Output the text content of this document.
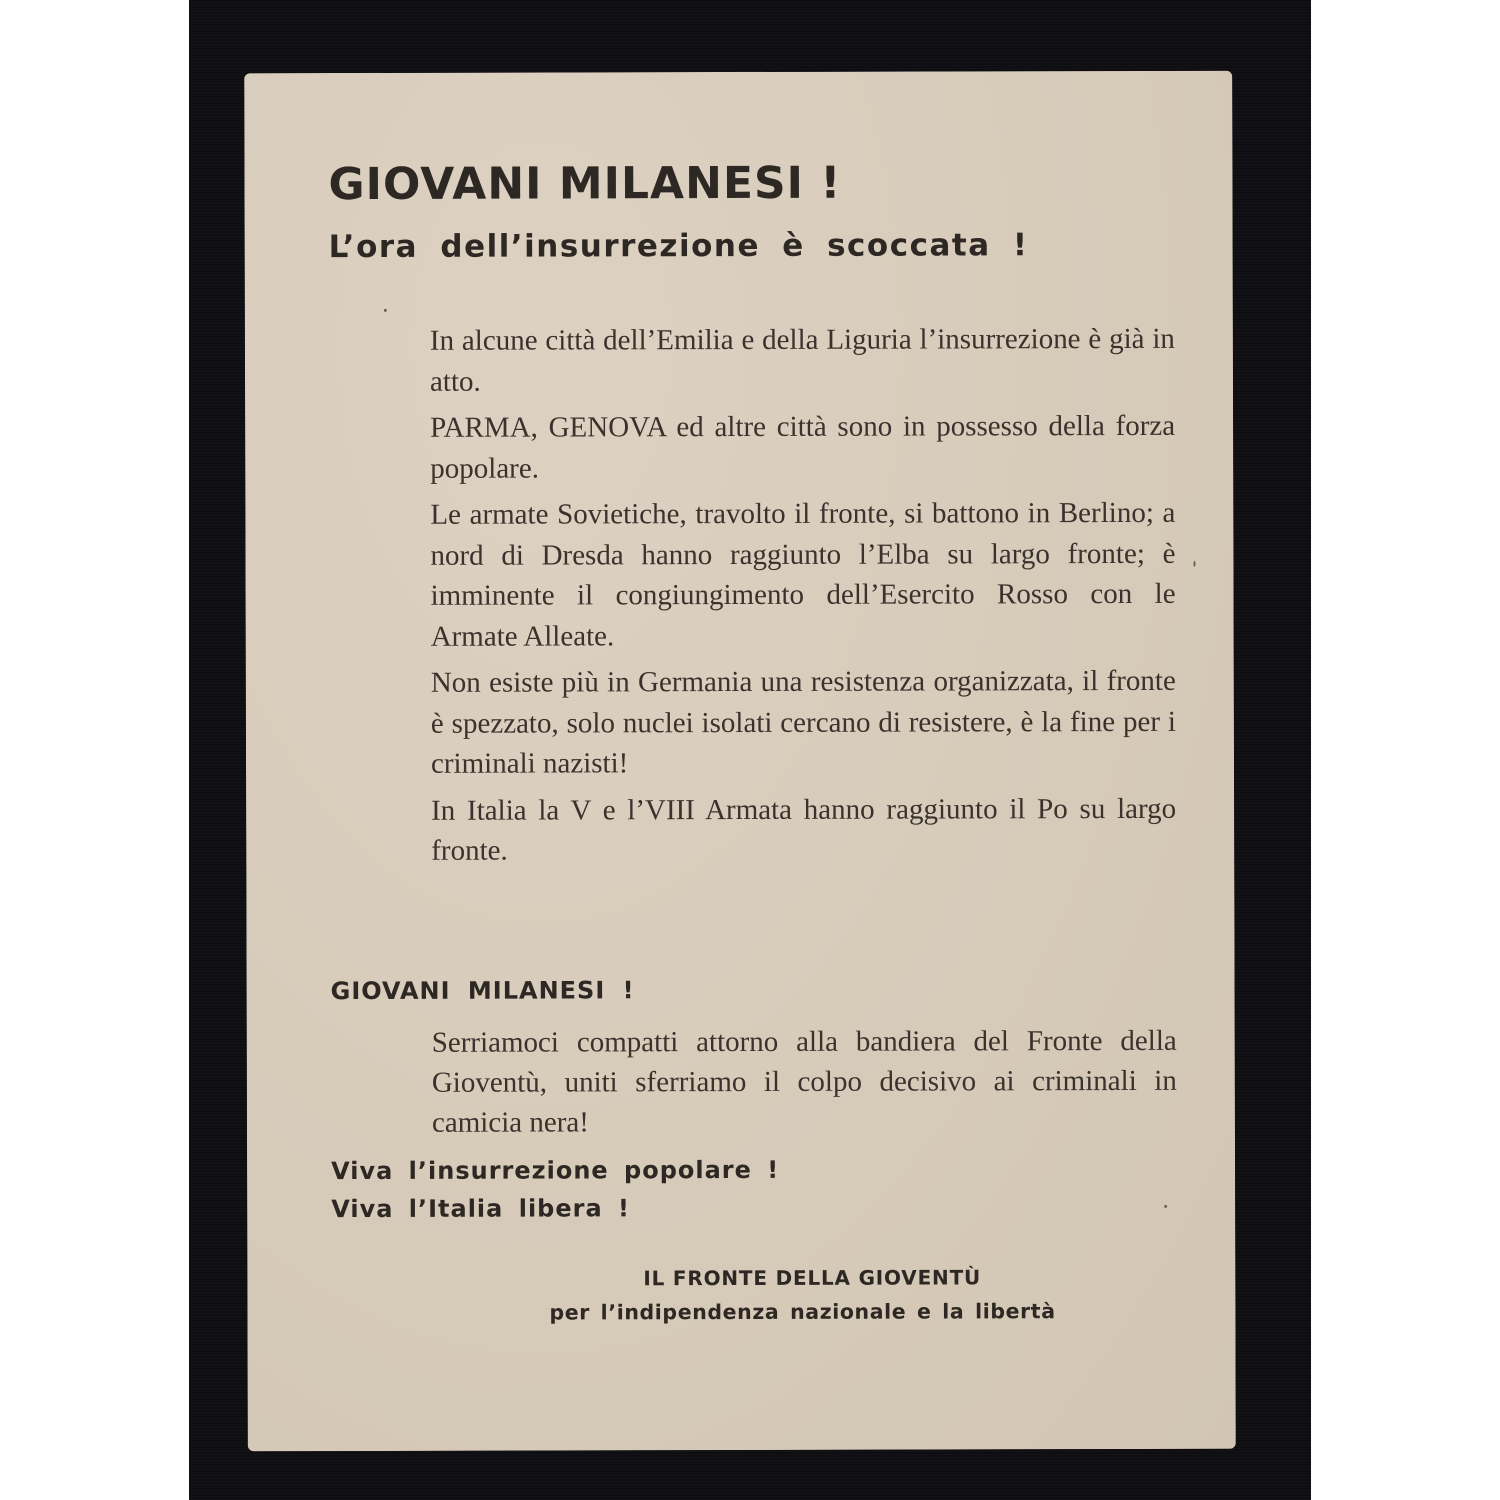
GIOVANI MILANESI !
L’ora dell’insurrezione è scoccata !

In alcune città dell’Emilia e della Liguria l’insurrezione è già in atto.

PARMA, GENOVA ed altre città sono in possesso della forza popolare.

Le armate Sovietiche, travolto il fronte, si battono in Berlino; a nord di Dresda hanno raggiunto l’Elba su largo fronte; è imminente il congiungimento dell’Esercito Rosso con le Armate Alleate.

Non esiste più in Germania una resistenza organizzata, il fronte è spezzato, solo nuclei isolati cercano di resistere, è la fine per i criminali nazisti!

In Italia la V e l’VIII Armata hanno raggiunto il Po su largo fronte.

GIOVANI MILANESI !

Serriamoci compatti attorno alla bandiera del Fronte della Gioventù, uniti sferriamo il colpo decisivo ai criminali in camicia nera!

Viva l’insurrezione popolare !
Viva l’Italia libera !
IL FRONTE DELLA GIOVENTÙ
per l’indipendenza nazionale e la libertà
